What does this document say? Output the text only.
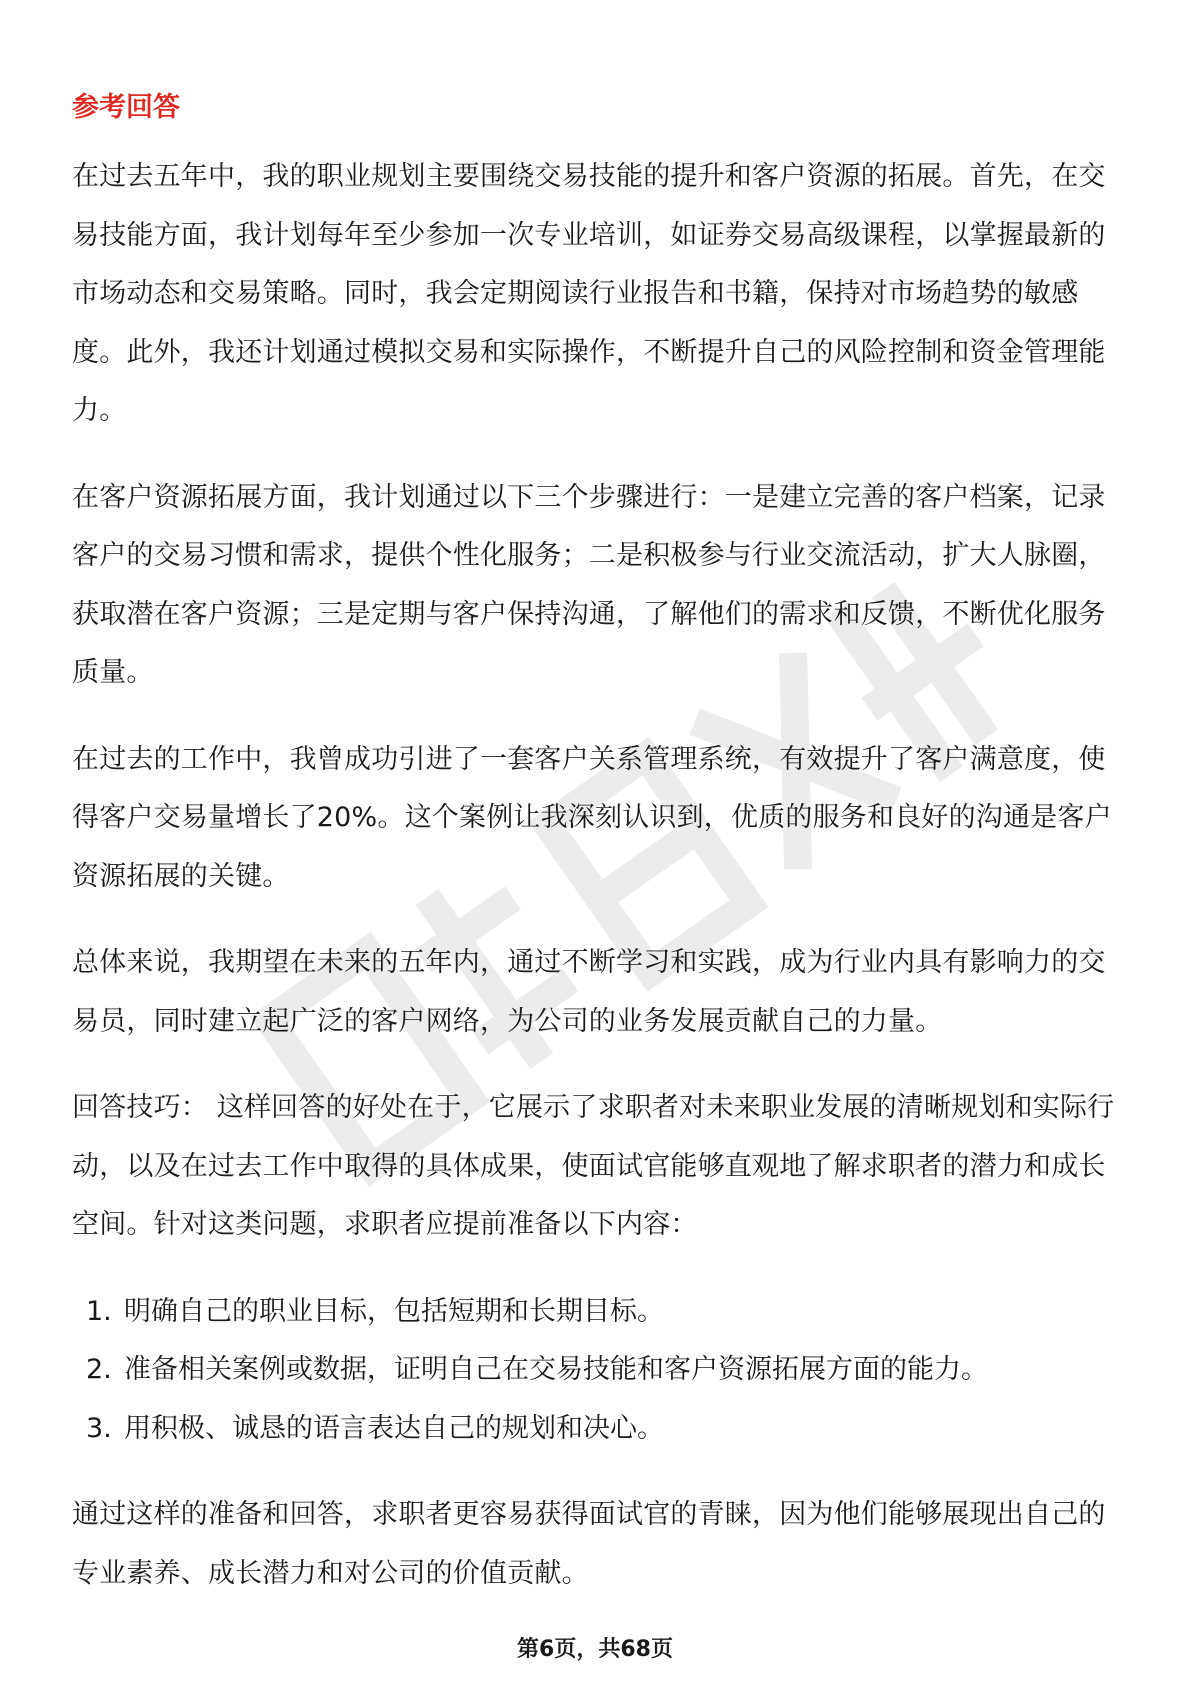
参考回答

在过去五年中，我的职业规划主要围绕交易技能的提升和客户资源的拓展。首先，在交易技能方面，我计划每年至少参加一次专业培训，如证券交易高级课程，以掌握最新的市场动态和交易策略。同时，我会定期阅读行业报告和书籍，保持对市场趋势的敏感度。此外，我还计划通过模拟交易和实际操作，不断提升自己的风险控制和资金管理能力。

在客户资源拓展方面，我计划通过以下三个步骤进行：一是建立完善的客户档案，记录客户的交易习惯和需求，提供个性化服务；二是积极参与行业交流活动，扩大人脉圈，获取潜在客户资源；三是定期与客户保持沟通，了解他们的需求和反馈，不断优化服务质量。

在过去的工作中，我曾成功引进了一套客户关系管理系统，有效提升了客户满意度，使得客户交易量增长了20%。这个案例让我深刻认识到，优质的服务和良好的沟通是客户资源拓展的关键。

总体来说，我期望在未来的五年内，通过不断学习和实践，成为行业内具有影响力的交易员，同时建立起广泛的客户网络，为公司的业务发展贡献自己的力量。

回答技巧： 这样回答的好处在于，它展示了求职者对未来职业发展的清晰规划和实际行动，以及在过去工作中取得的具体成果，使面试官能够直观地了解求职者的潜力和成长空间。针对这类问题，求职者应提前准备以下内容：

1. 明确自己的职业目标，包括短期和长期目标。
2. 准备相关案例或数据，证明自己在交易技能和客户资源拓展方面的能力。
3. 用积极、诚恳的语言表达自己的规划和决心。

通过这样的准备和回答，求职者更容易获得面试官的青睐，因为他们能够展现出自己的专业素养、成长潜力和对公司的价值贡献。

第6页，共68页
